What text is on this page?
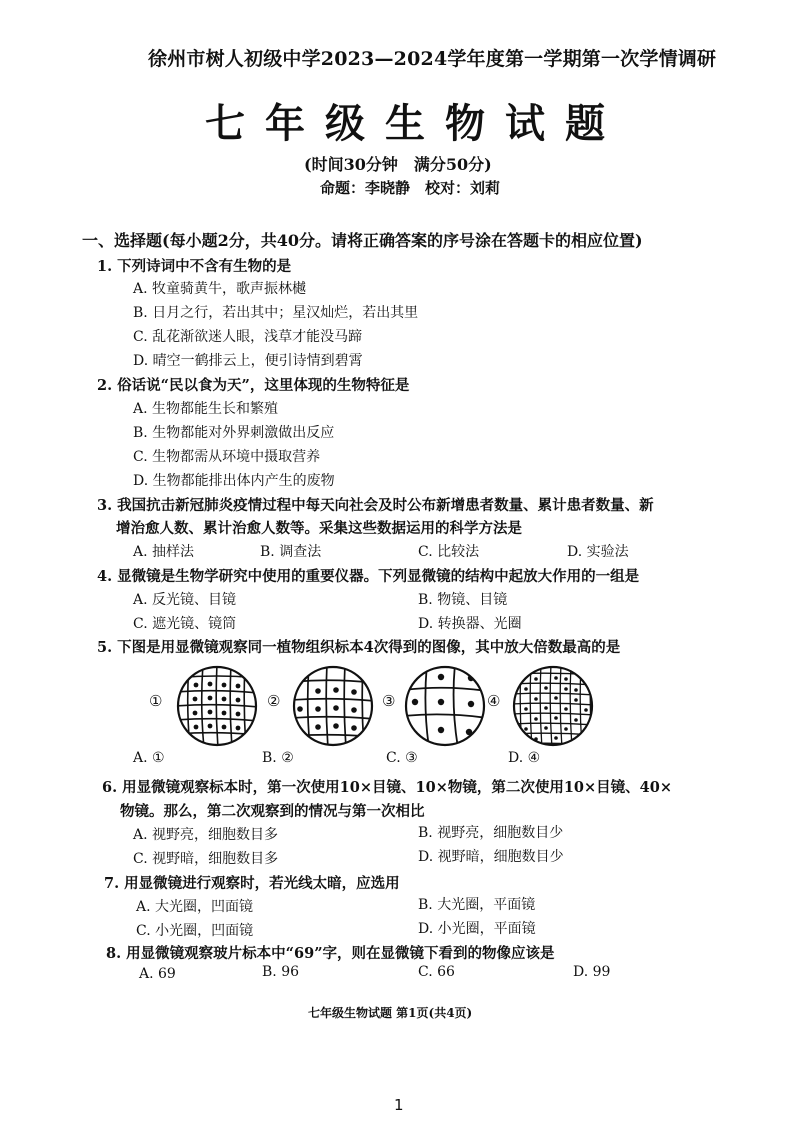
徐州市树人初级中学2023—2024学年度第一学期第一次学情调研
七年级生物试题
(时间30分钟　满分50分)
命题：李晓静　校对：刘莉
一、选择题(每小题2分，共40分。请将正确答案的序号涂在答题卡的相应位置)
1. 下列诗词中不含有生物的是
A. 牧童骑黄牛，歌声振林樾
B. 日月之行，若出其中；星汉灿烂，若出其里
C. 乱花渐欲迷人眼，浅草才能没马蹄
D. 晴空一鹤排云上，便引诗情到碧霄
2. 俗话说“民以食为天”，这里体现的生物特征是
A. 生物都能生长和繁殖
B. 生物都能对外界刺激做出反应
C. 生物都需从环境中摄取营养
D. 生物都能排出体内产生的废物
3. 我国抗击新冠肺炎疫情过程中每天向社会及时公布新增患者数量、累计患者数量、新
增治愈人数、累计治愈人数等。采集这些数据运用的科学方法是
A. 抽样法	B. 调查法	C. 比较法	D. 实验法
4. 显微镜是生物学研究中使用的重要仪器。下列显微镜的结构中起放大作用的一组是
A. 反光镜、目镜	B. 物镜、目镜
C. 遮光镜、镜筒	D. 转换器、光圈
5. 下图是用显微镜观察同一植物组织标本4次得到的图像，其中放大倍数最高的是
①	②	③	④
A. ①	B. ②	C. ③	D. ④
6. 用显微镜观察标本时，第一次使用10×目镜、10×物镜，第二次使用10×目镜、40×
物镜。那么，第二次观察到的情况与第一次相比
A. 视野亮，细胞数目多	B. 视野亮，细胞数目少
C. 视野暗，细胞数目多	D. 视野暗，细胞数目少
7. 用显微镜进行观察时，若光线太暗，应选用
A. 大光圈，凹面镜	B. 大光圈，平面镜
C. 小光圈，凹面镜	D. 小光圈，平面镜
8. 用显微镜观察玻片标本中“69”字，则在显微镜下看到的物像应该是
A. 69	B. 96	C. 66	D. 99
七年级生物试题 第1页(共4页)
1
